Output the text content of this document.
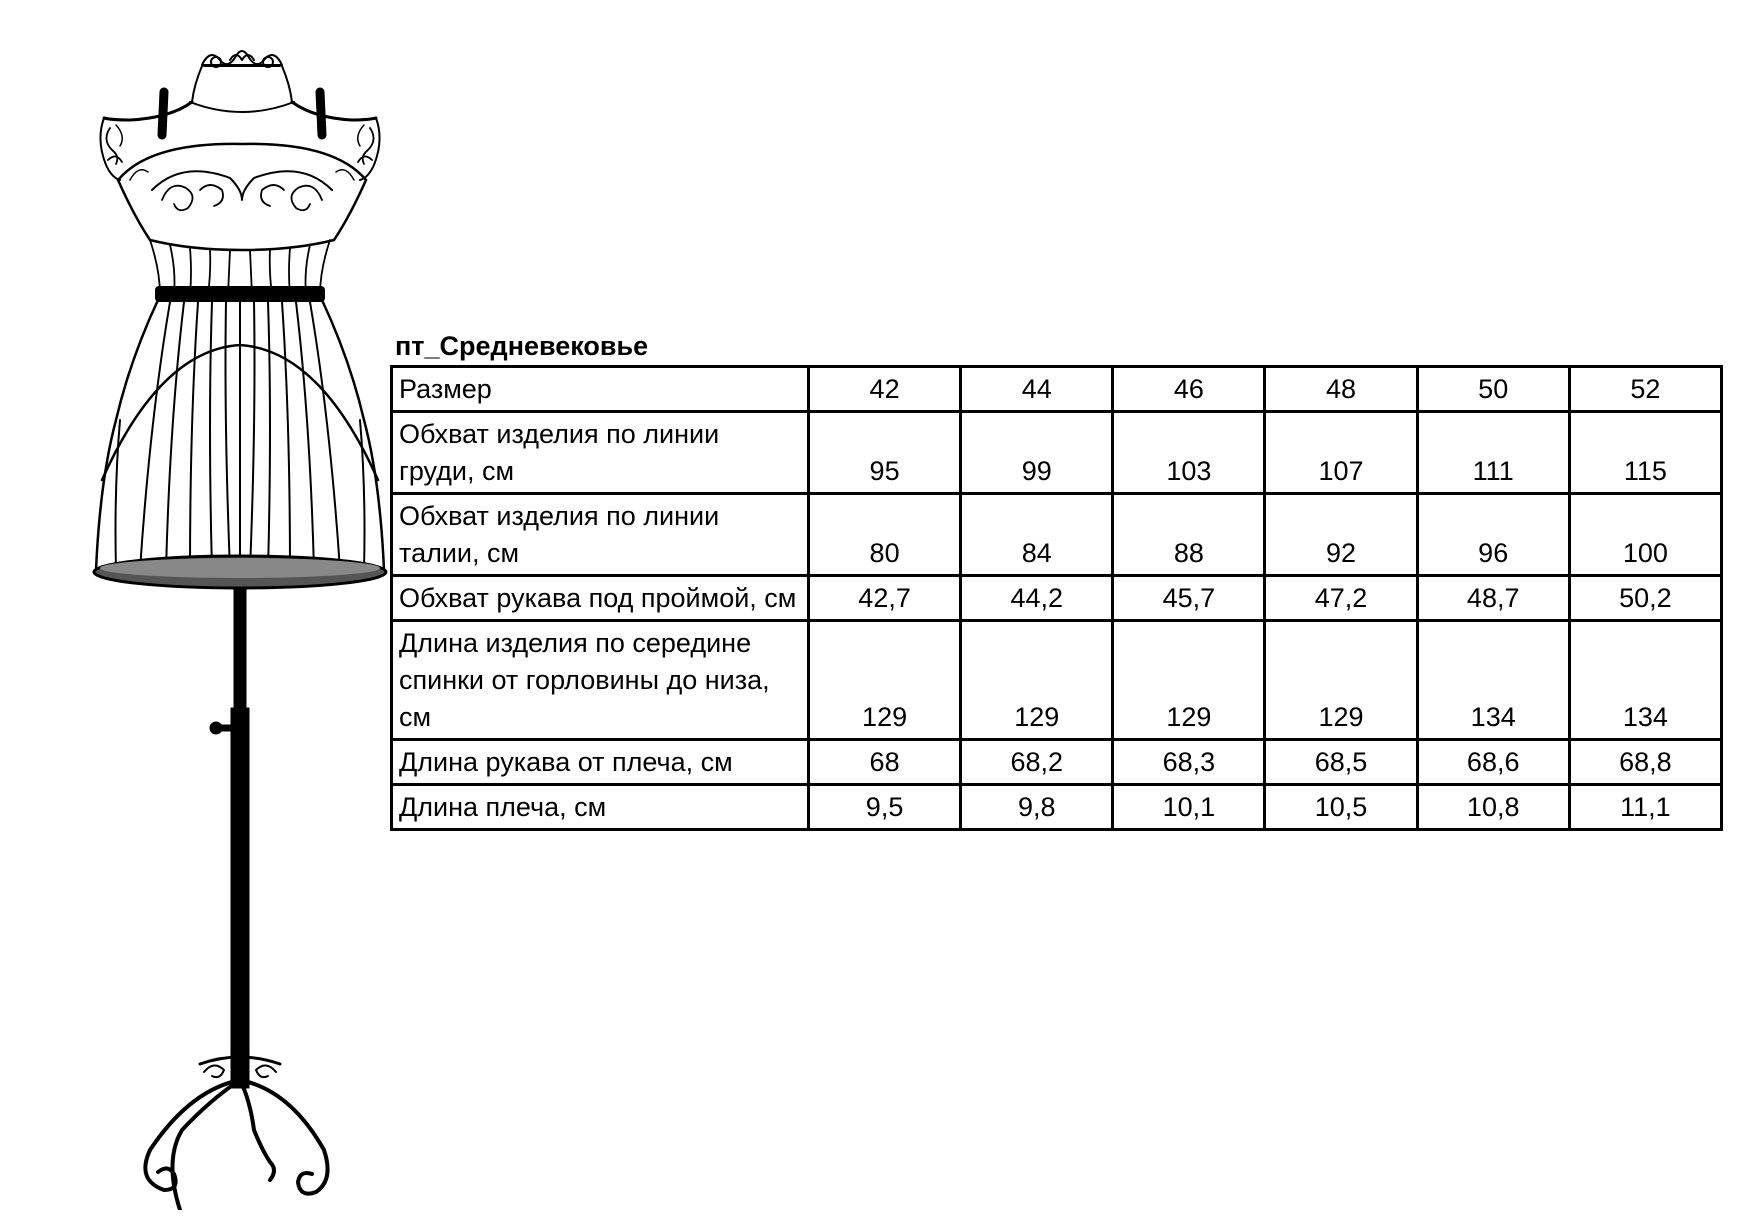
пт_Средневековье
Размер	42	44	46	48	50	52
Обхват изделия по линии груди, см	95	99	103	107	111	115
Обхват изделия по линии талии, см	80	84	88	92	96	100
Обхват рукава под проймой, см	42,7	44,2	45,7	47,2	48,7	50,2
Длина изделия по середине спинки от горловины до низа, см	129	129	129	129	134	134
Длина рукава от плеча, см	68	68,2	68,3	68,5	68,6	68,8
Длина плеча, см	9,5	9,8	10,1	10,5	10,8	11,1
